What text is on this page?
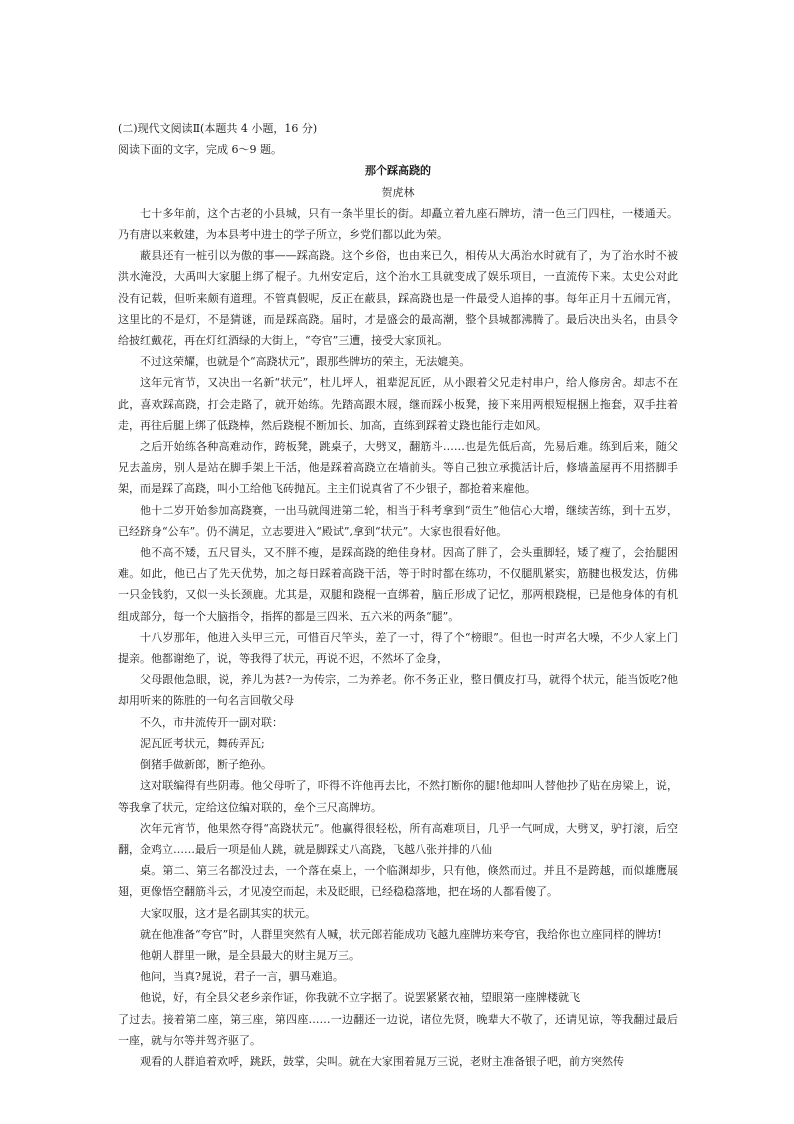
(二)现代文阅读Ⅱ(本题共 4 小题，16 分)

阅读下面的文字，完成 6～9 题。

那个踩高跷的

贺虎林

七十多年前，这个古老的小县城，只有一条半里长的街。却矗立着九座石牌坊，清一色三门四柱，一楼通天。乃有唐以来敕建，为本县考中进士的学子所立，乡党们都以此为荣。

蔽县还有一桩引以为傲的事——踩高跷。这个乡俗，也由来已久，相传从大禹治水时就有了，为了治水时不被洪水淹没，大禹叫大家腿上绑了棍子。九州安定后，这个治水工具就变成了娱乐项目，一直流传下来。太史公对此没有记载，但听来颇有道理。不管真假呢，反正在蔽县，踩高跷也是一件最受人追捧的事。每年正月十五闹元宵，这里比的不是灯，不是猜谜，而是踩高跷。届时，才是盛会的最高潮，整个县城都沸腾了。最后决出头名，由县令给披红戴花，再在灯红酒绿的大街上，“夸官”三遭，接受大家顶礼。

不过这荣耀，也就是个“高跷状元”，跟那些牌坊的荣主，无法媲美。

这年元宵节，又决出一名新“状元”，杜儿坪人，祖辈泥瓦匠，从小跟着父兄走村串户，给人修房舍。却志不在此，喜欢踩高跷，打会走路了，就开始练。先踏高跟木屐，继而踩小板凳，接下来用两根短棍捆上拖套，双手拄着走，再往后腿上绑了低跷棒，然后跷棍不断加长、加高，直练到踩着丈跷也能行走如风。

之后开始练各种高难动作，跨板凳，跳桌子，大劈叉，翻筋斗……也是先低后高，先易后难。练到后来，随父兄去盖房，别人是站在脚手架上干活，他是踩着高跷立在墙前头。等自己独立承揽活计后，修墙盖屋再不用搭脚手架，而是踩了高跷，叫小工给他飞砖抛瓦。主主们说真省了不少银子，都抢着来雇他。

他十二岁开始参加高跷赛，一出马就闯进第二轮，相当于科考拿到“贡生”他信心大增，继续苦练，到十五岁，已经跻身“公车”。仍不满足，立志要进入“殿试”,拿到“状元”。大家也很看好他。

他不高不矮，五尺冒头，又不胖不瘦，是踩高跷的绝佳身材。因高了胖了，会头重脚轻，矮了瘦了，会抬腿困难。如此，他已占了先天优势，加之每日踩着高跷干活，等于时时都在练功，不仅腿肌紧实，筋腱也极发达，仿佛一只金钱豹，又似一头长颈鹿。尤其是，双腿和跷棍一直绑着，脑丘形成了记忆，那两根跷棍，已是他身体的有机组成部分，每一个大脑指令，指挥的都是三四米、五六米的两条“腿”。

十八岁那年，他进入头甲三元，可惜百尺竿头，差了一寸，得了个“榜眼”。但也一时声名大噪，不少人家上门提亲。他都谢绝了，说，等我得了状元，再说不迟，不然坏了金身，

父母跟他急眼，说，养儿为甚?一为传宗，二为养老。你不务正业，整日價皮打马，就得个状元，能当饭吃?他却用听来的陈胜的一句名言回敬父母

不久，市井流传开一副对联：

泥瓦匠考状元，舞砖弄瓦;

倒猪手做新郎，断子绝孙。

这对联编得有些阴毒。他父母听了，吓得不许他再去比，不然打断你的腿!他却叫人替他抄了贴在房梁上，说，等我拿了状元，定给这位编对联的，垒个三尺高牌坊。

次年元宵节，他果然夺得“高跷状元”。他赢得很轻松，所有高难项目，几乎一气呵成，大劈叉，驴打滚，后空翻，金鸡立……最后一项是仙人跳，就是脚踩丈八高跷，飞越八张并排的八仙

桌。第二、第三名都没过去，一个落在桌上，一个临渊却步，只有他，倏然而过。并且不是跨越，而似雄鹰展翅，更像悟空翻筋斗云，才见凌空而起，未及眨眼，已经稳稳落地，把在场的人都看傻了。

大家叹服，这才是名副其实的状元。

就在他准备“夸官”时，人群里突然有人喊，状元郎若能成功飞越九座牌坊来夸官，我给你也立座同样的牌坊!

他朝人群里一瞅，是全县最大的财主晁万三。

他问，当真?晁说，君子一言，驷马难追。

他说，好，有全县父老乡亲作证，你我就不立字据了。说罢紧紧衣袖，望眼第一座牌楼就飞

了过去。接着第二座，第三座，第四座……一边翻还一边说，诸位先贤，晚辈大不敬了，还请见谅，等我翻过最后一座，就与尔等并驾齐驱了。

观看的人群追着欢呼，跳跃，鼓掌，尖叫。就在大家围着晁万三说，老财主准备银子吧，前方突然传
